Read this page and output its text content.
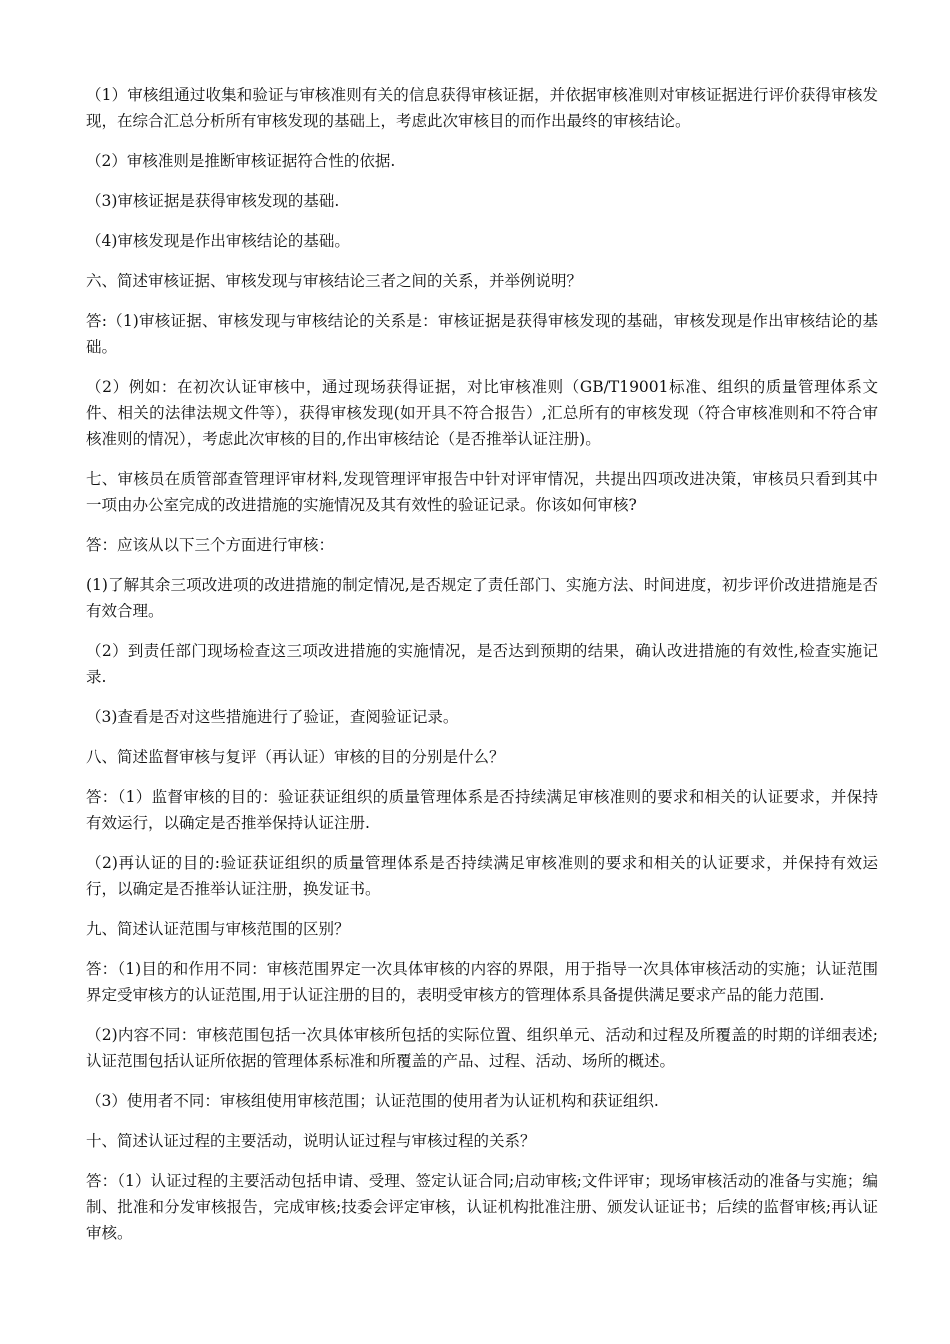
（1）审核组通过收集和验证与审核准则有关的信息获得审核证据，并依据审核准则对审核证据进行评价获得审核发现，在综合汇总分析所有审核发现的基础上，考虑此次审核目的而作出最终的审核结论。

（2）审核准则是推断审核证据符合性的依据.

（3)审核证据是获得审核发现的基础.

（4)审核发现是作出审核结论的基础。

六、简述审核证据、审核发现与审核结论三者之间的关系，并举例说明？

答:（1)审核证据、审核发现与审核结论的关系是：审核证据是获得审核发现的基础，审核发现是作出审核结论的基础。

（2）例如：在初次认证审核中，通过现场获得证据，对比审核准则（GB/T19001标准、组织的质量管理体系文件、相关的法律法规文件等），获得审核发现(如开具不符合报告）,汇总所有的审核发现（符合审核准则和不符合审核准则的情况），考虑此次审核的目的,作出审核结论（是否推举认证注册)。

七、审核员在质管部查管理评审材料,发现管理评审报告中针对评审情况，共提出四项改进决策，审核员只看到其中一项由办公室完成的改进措施的实施情况及其有效性的验证记录。你该如何审核?

答：应该从以下三个方面进行审核：

(1)了解其余三项改进项的改进措施的制定情况,是否规定了责任部门、实施方法、时间进度，初步评价改进措施是否有效合理。

（2）到责任部门现场检查这三项改进措施的实施情况，是否达到预期的结果，确认改进措施的有效性,检查实施记录.

（3)查看是否对这些措施进行了验证，查阅验证记录。

八、简述监督审核与复评（再认证）审核的目的分别是什么？

答：（1）监督审核的目的：验证获证组织的质量管理体系是否持续满足审核准则的要求和相关的认证要求，并保持有效运行，以确定是否推举保持认证注册.

（2)再认证的目的:验证获证组织的质量管理体系是否持续满足审核准则的要求和相关的认证要求，并保持有效运行，以确定是否推举认证注册，换发证书。

九、简述认证范围与审核范围的区别？

答：（1)目的和作用不同：审核范围界定一次具体审核的内容的界限，用于指导一次具体审核活动的实施；认证范围界定受审核方的认证范围,用于认证注册的目的，表明受审核方的管理体系具备提供满足要求产品的能力范围.

（2)内容不同：审核范围包括一次具体审核所包括的实际位置、组织单元、活动和过程及所覆盖的时期的详细表述;认证范围包括认证所依据的管理体系标准和所覆盖的产品、过程、活动、场所的概述。

（3）使用者不同：审核组使用审核范围；认证范围的使用者为认证机构和获证组织.

十、简述认证过程的主要活动，说明认证过程与审核过程的关系？

答：（1）认证过程的主要活动包括申请、受理、签定认证合同;启动审核;文件评审；现场审核活动的准备与实施；编制、批准和分发审核报告，完成审核;技委会评定审核，认证机构批准注册、颁发认证证书；后续的监督审核;再认证审核。
